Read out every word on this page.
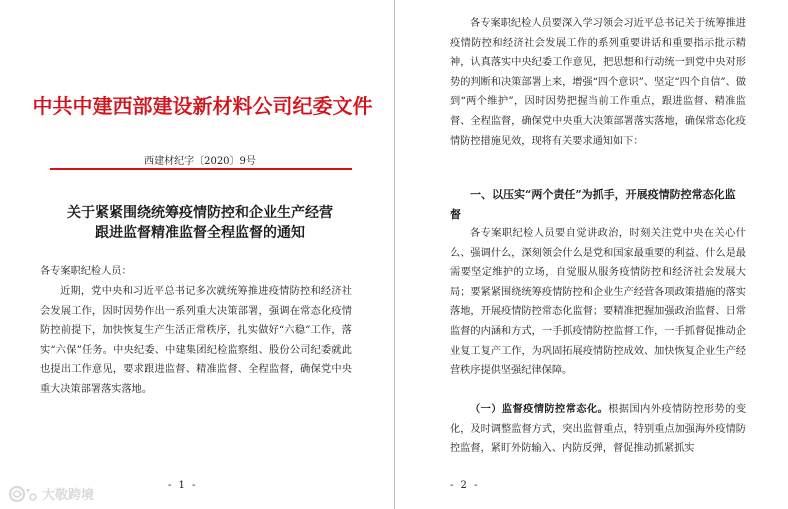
中共中建西部建设新材料公司纪委文件
西建材纪字〔2020〕9号
关于紧紧围绕统筹疫情防控和企业生产经营
跟进监督精准监督全程监督的通知
各专案职纪检人员：
近期，党中央和习近平总书记多次就统筹推进疫情防控和经济社会发展工作，因时因势作出一系列重大决策部署，强调在常态化疫情防控前提下，加快恢复生产生活正常秩序，扎实做好“六稳”工作，落实“六保”任务。中央纪委、中建集团纪检监察组、股份公司纪委就此也提出工作意见，要求跟进监督、精准监督、全程监督，确保党中央重大决策部署落实落地。
- 1 -
各专案职纪检人员要深入学习领会习近平总书记关于统筹推进疫情防控和经济社会发展工作的系列重要讲话和重要指示批示精神，认真落实中央纪委工作意见，把思想和行动统一到党中央对形势的判断和决策部署上来，增强“四个意识”、坚定“四个自信”、做到“两个维护”，因时因势把握当前工作重点，跟进监督、精准监督、全程监督，确保党中央重大决策部署落实落地，确保常态化疫情防控措施见效，现将有关要求通知如下：
一、以压实“两个责任”为抓手，开展疫情防控常态化监督
各专案职纪检人员要自觉讲政治，时刻关注党中央在关心什么、强调什么，深刻领会什么是党和国家最重要的利益、什么是最需要坚定维护的立场，自觉服从服务疫情防控和经济社会发展大局；要紧紧围绕统筹疫情防控和企业生产经营各项政策措施的落实落地，开展疫情防控常态化监督；要精准把握加强政治监督、日常监督的内涵和方式，一手抓疫情防控监督工作，一手抓督促推动企业复工复产工作，为巩固拓展疫情防控成效、加快恢复企业生产经营秩序提供坚强纪律保障。
（一）监督疫情防控常态化。根据国内外疫情防控形势的变化，及时调整监督方式，突出监督重点，特别重点加强海外疫情防控监督，紧盯外防输入、内防反弹，督促推动抓紧抓实
- 2 -
大敬跨境
